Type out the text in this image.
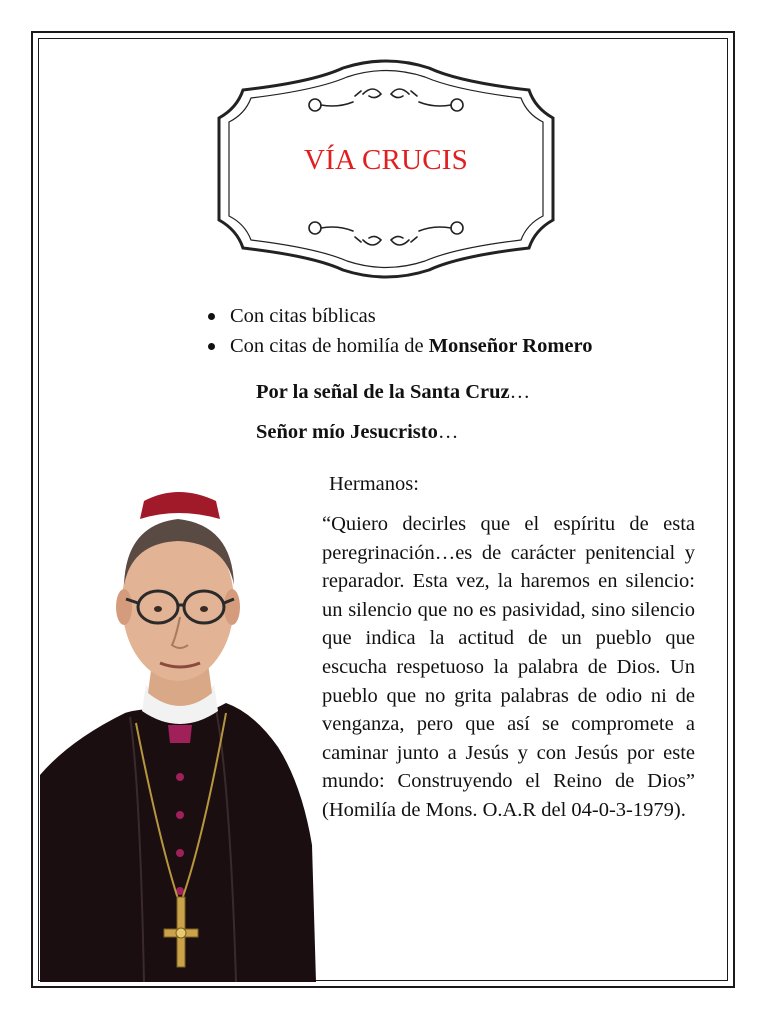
VÍA CRUCIS
Con citas bíblicas
Con citas de homilía de Monseñor Romero
Por la señal de la Santa Cruz…
Señor mío Jesucristo…
Hermanos:

“Quiero decirles que el espíritu de esta peregrinación…es de carácter penitencial y reparador. Esta vez, la haremos en silencio: un silencio que no es pasividad, sino silencio que indica la actitud de un pueblo que escucha respetuoso la palabra de Dios. Un pueblo que no grita palabras de odio ni de venganza, pero que así se compromete a caminar junto a Jesús y con Jesús por este mundo: Construyendo el Reino de Dios” (Homilía de Mons. O.A.R del 04-0-3-1979).
